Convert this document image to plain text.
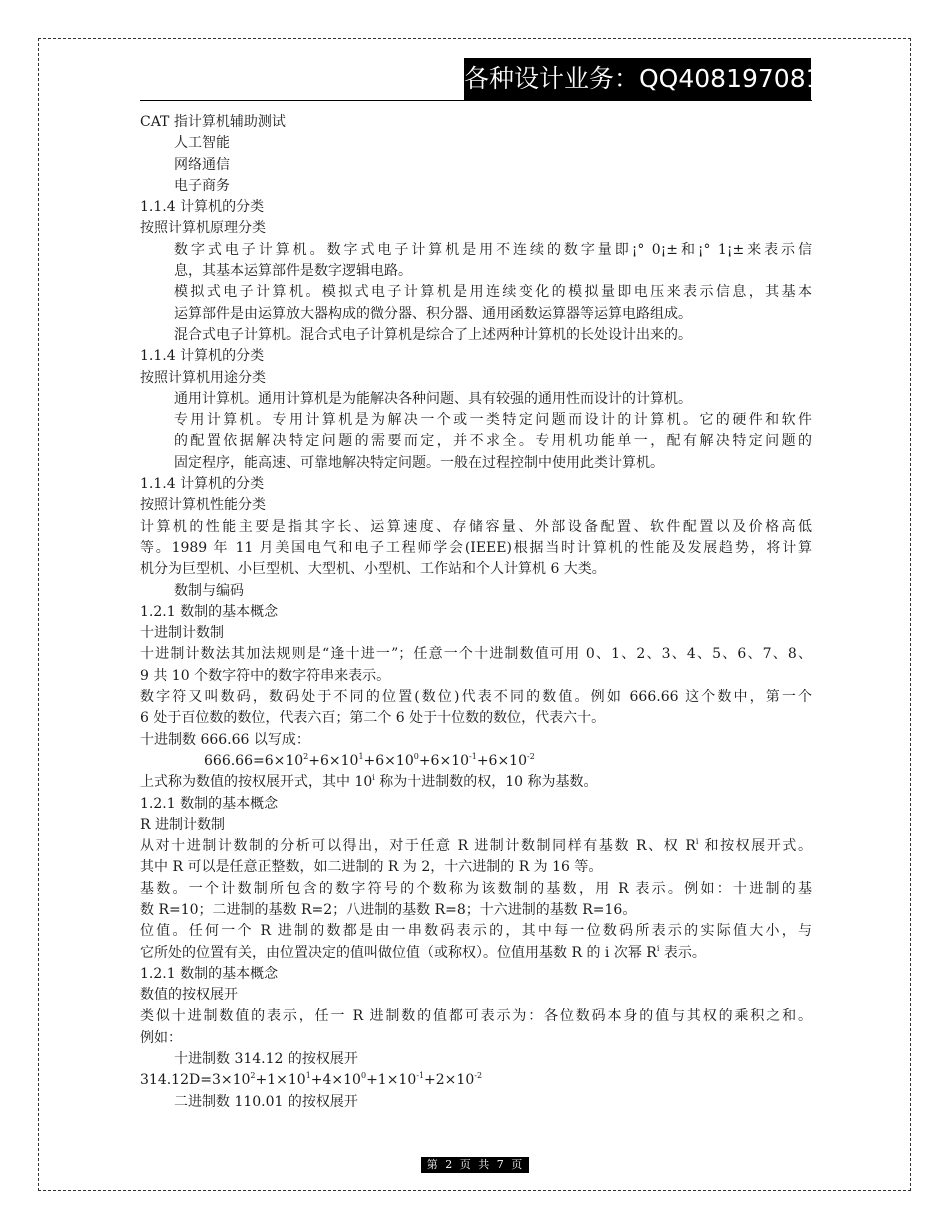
各种设计业务：QQ408197081
CAT 指计算机辅助测试
人工智能
网络通信
电子商务
1.1.4 计算机的分类
按照计算机原理分类
数字式电子计算机。数字式电子计算机是用不连续的数字量即¡° 0¡±和¡° 1¡±来表示信
息，其基本运算部件是数字逻辑电路。
模拟式电子计算机。模拟式电子计算机是用连续变化的模拟量即电压来表示信息，其基本
运算部件是由运算放大器构成的微分器、积分器、通用函数运算器等运算电路组成。
混合式电子计算机。混合式电子计算机是综合了上述两种计算机的长处设计出来的。
1.1.4 计算机的分类
按照计算机用途分类
通用计算机。通用计算机是为能解决各种问题、具有较强的通用性而设计的计算机。
专用计算机。专用计算机是为解决一个或一类特定问题而设计的计算机。它的硬件和软件
的配置依据解决特定问题的需要而定，并不求全。专用机功能单一，配有解决特定问题的
固定程序，能高速、可靠地解决特定问题。一般在过程控制中使用此类计算机。
1.1.4 计算机的分类
按照计算机性能分类
计算机的性能主要是指其字长、运算速度、存储容量、外部设备配置、软件配置以及价格高低
等。1989 年 11 月美国电气和电子工程师学会(IEEE)根据当时计算机的性能及发展趋势，将计算
机分为巨型机、小巨型机、大型机、小型机、工作站和个人计算机 6 大类。
数制与编码
1.2.1 数制的基本概念
十进制计数制
十进制计数法其加法规则是“逢十进一”；任意一个十进制数值可用 0、1、2、3、4、5、6、7、8、
9 共 10 个数字符中的数字符串来表示。
数字符又叫数码，数码处于不同的位置(数位)代表不同的数值。例如 666.66 这个数中，第一个
6 处于百位数的数位，代表六百；第二个 6 处于十位数的数位，代表六十。
十进制数 666.66 以写成：
$666.66=6\times 10^2+6\times 10^1+6\times 10^0+6\times 10^{-1}+6\times 10^{-2}$
上式称为数值的按权展开式，其中 10$^i$ 称为十进制数的权，10 称为基数。
1.2.1 数制的基本概念
R 进制计数制
从对十进制计数制的分析可以得出，对于任意 R 进制计数制同样有基数 R、权 $R^i$ 和按权展开式。
其中 R 可以是任意正整数，如二进制的 R 为 2，十六进制的 R 为 16 等。
基数。一个计数制所包含的数字符号的个数称为该数制的基数，用 R 表示。例如：十进制的基
数 R=10；二进制的基数 R=2；八进制的基数 R=8；十六进制的基数 R=16。
位值。任何一个 R 进制的数都是由一串数码表示的，其中每一位数码所表示的实际值大小，与
它所处的位置有关，由位置决定的值叫做位值（或称权）。位值用基数 R 的 i 次幂 $R^i$ 表示。
1.2.1 数制的基本概念
数值的按权展开
类似十进制数值的表示，任一 R 进制数的值都可表示为：各位数码本身的值与其权的乘积之和。
例如：
十进制数 314.12 的按权展开
$314.12D=3\times 10^2+1\times 10^1+4\times 10^0+1\times 10^{-1}+2\times 10^{-2}$
二进制数 110.01 的按权展开
第 2 页 共 7 页
